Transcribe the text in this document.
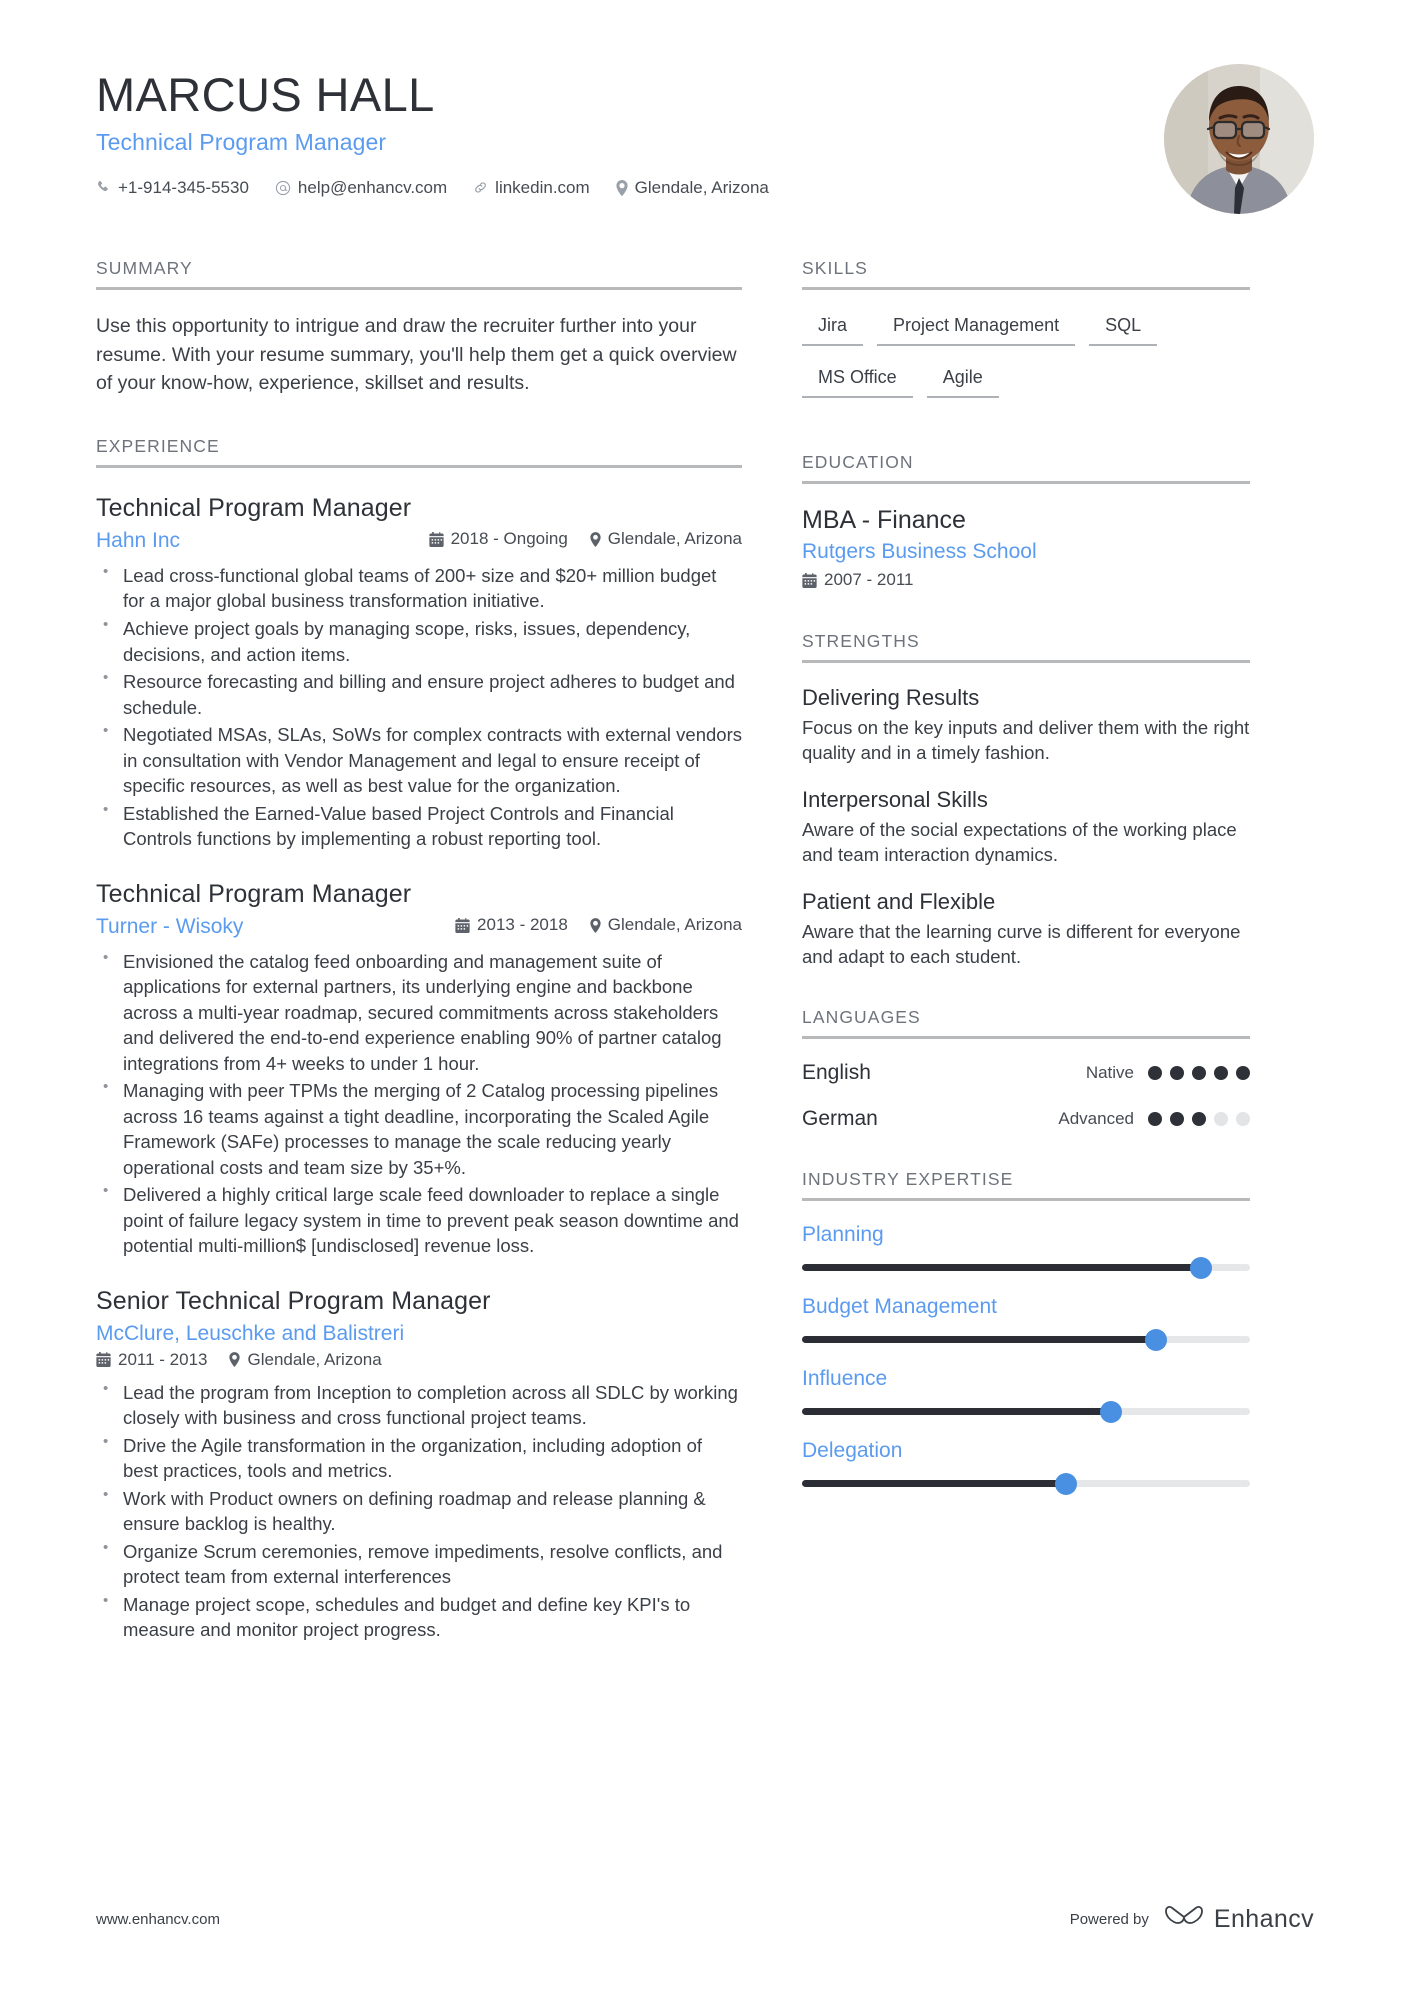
MARCUS HALL
Technical Program Manager
+1-914-345-5530	help@enhancv.com	linkedin.com	Glendale, Arizona
SUMMARY
Use this opportunity to intrigue and draw the recruiter further into your resume. With your resume summary, you'll help them get a quick overview of your know-how, experience, skillset and results.
EXPERIENCE
Technical Program Manager
Hahn Inc	2018 - Ongoing Glendale, Arizona
• Lead cross-functional global teams of 200+ size and $20+ million budget for a major global business transformation initiative.
• Achieve project goals by managing scope, risks, issues, dependency, decisions, and action items.
• Resource forecasting and billing and ensure project adheres to budget and schedule.
• Negotiated MSAs, SLAs, SoWs for complex contracts with external vendors in consultation with Vendor Management and legal to ensure receipt of specific resources, as well as best value for the organization.
• Established the Earned-Value based Project Controls and Financial Controls functions by implementing a robust reporting tool.
Technical Program Manager
Turner - Wisoky	2013 - 2018 Glendale, Arizona
• Envisioned the catalog feed onboarding and management suite of applications for external partners, its underlying engine and backbone across a multi-year roadmap, secured commitments across stakeholders and delivered the end-to-end experience enabling 90% of partner catalog integrations from 4+ weeks to under 1 hour.
• Managing with peer TPMs the merging of 2 Catalog processing pipelines across 16 teams against a tight deadline, incorporating the Scaled Agile Framework (SAFe) processes to manage the scale reducing yearly operational costs and team size by 35+%.
• Delivered a highly critical large scale feed downloader to replace a single point of failure legacy system in time to prevent peak season downtime and potential multi-million$ [undisclosed] revenue loss.
Senior Technical Program Manager
McClure, Leuschke and Balistreri
2011 - 2013 Glendale, Arizona
• Lead the program from Inception to completion across all SDLC by working closely with business and cross functional project teams.
• Drive the Agile transformation in the organization, including adoption of best practices, tools and metrics.
• Work with Product owners on defining roadmap and release planning & ensure backlog is healthy.
• Organize Scrum ceremonies, remove impediments, resolve conflicts, and protect team from external interferences
• Manage project scope, schedules and budget and define key KPI's to measure and monitor project progress.
SKILLS
Jira	Project Management	SQL
MS Office	Agile
EDUCATION
MBA - Finance
Rutgers Business School
2007 - 2011
STRENGTHS
Delivering Results
Focus on the key inputs and deliver them with the right quality and in a timely fashion.
Interpersonal Skills
Aware of the social expectations of the working place and team interaction dynamics.
Patient and Flexible
Aware that the learning curve is different for everyone and adapt to each student.
LANGUAGES
English	Native
German	Advanced
INDUSTRY EXPERTISE
Planning
Budget Management
Influence
Delegation
www.enhancv.com	Powered by	Enhancv
